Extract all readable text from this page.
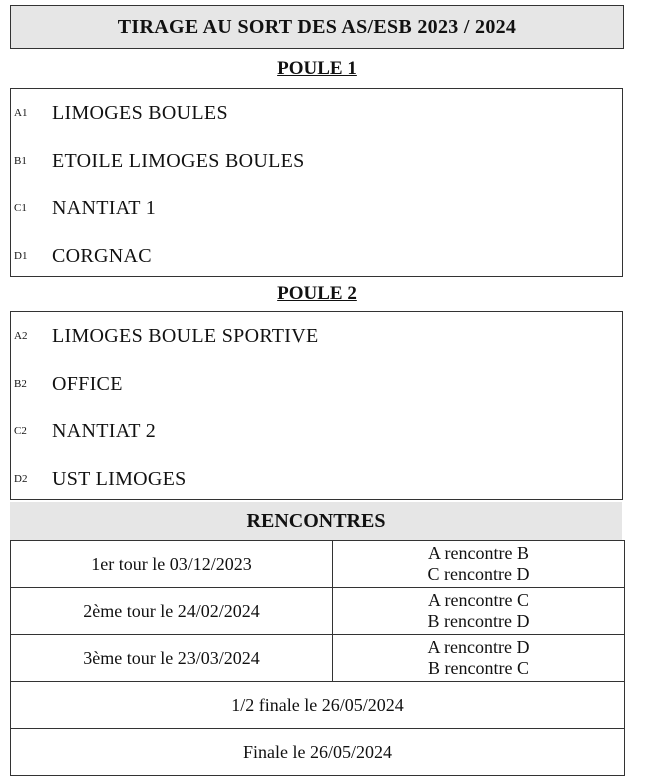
TIRAGE AU SORT DES AS/ESB 2023 / 2024
POULE 1
A1	LIMOGES BOULES
B1	ETOILE LIMOGES BOULES
C1	NANTIAT 1
D1	CORGNAC
POULE 2
A2	LIMOGES BOULE SPORTIVE
B2	OFFICE
C2	NANTIAT 2
D2	UST LIMOGES
RENCONTRES
1er tour le 03/12/2023	A rencontre B
C rencontre D

2ème tour le 24/02/2024	A rencontre C
B rencontre D

3ème tour le 23/03/2024	A rencontre D
B rencontre C

1/2 finale le 26/05/2024	
Finale le 26/05/2024	
